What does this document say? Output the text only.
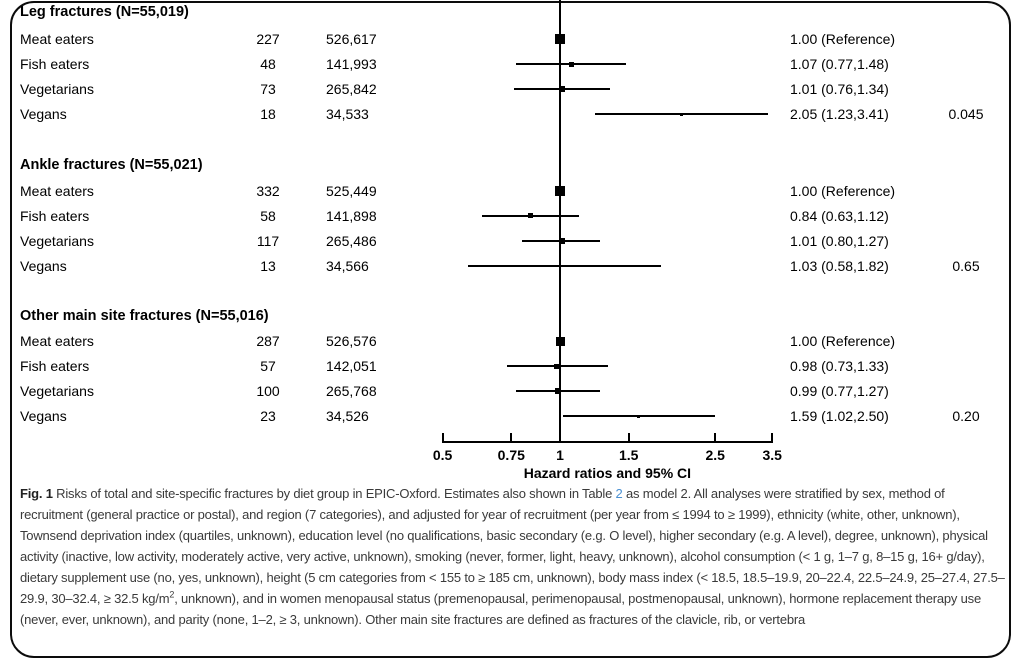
Leg fractures (N=55,019)
Meat eaters	227	526,617	1.00 (Reference)
Fish eaters	48	141,993	1.07 (0.77,1.48)
Vegetarians	73	265,842	1.01 (0.76,1.34)
Vegans	18	34,533	2.05 (1.23,3.41)	0.045
Ankle fractures (N=55,021)
Meat eaters	332	525,449	1.00 (Reference)
Fish eaters	58	141,898	0.84 (0.63,1.12)
Vegetarians	117	265,486	1.01 (0.80,1.27)
Vegans	13	34,566	1.03 (0.58,1.82)	0.65
Other main site fractures (N=55,016)
Meat eaters	287	526,576	1.00 (Reference)
Fish eaters	57	142,051	0.98 (0.73,1.33)
Vegetarians	100	265,768	0.99 (0.77,1.27)
Vegans	23	34,526	1.59 (1.02,2.50)	0.20
0.5	0.75	1	1.5	2.5	3.5
Hazard ratios and 95% CI

Fig. 1 Risks of total and site-specific fractures by diet group in EPIC-Oxford. Estimates also shown in Table 2 as model 2. All analyses were stratified by sex, method of recruitment (general practice or postal), and region (7 categories), and adjusted for year of recruitment (per year from ≤ 1994 to ≥ 1999), ethnicity (white, other, unknown), Townsend deprivation index (quartiles, unknown), education level (no qualifications, basic secondary (e.g. O level), higher secondary (e.g. A level), degree, unknown), physical activity (inactive, low activity, moderately active, very active, unknown), smoking (never, former, light, heavy, unknown), alcohol consumption (< 1 g, 1–7 g, 8–15 g, 16+ g/day), dietary supplement use (no, yes, unknown), height (5 cm categories from < 155 to ≥ 185 cm, unknown), body mass index (< 18.5, 18.5–19.9, 20–22.4, 22.5–24.9, 25–27.4, 27.5–29.9, 30–32.4, ≥ 32.5 $kg/m^2$, unknown), and in women menopausal status (premenopausal, perimenopausal, postmenopausal, unknown), hormone replacement therapy use (never, ever, unknown), and parity (none, 1–2, ≥ 3, unknown). Other main site fractures are defined as fractures of the clavicle, rib, or vertebra
